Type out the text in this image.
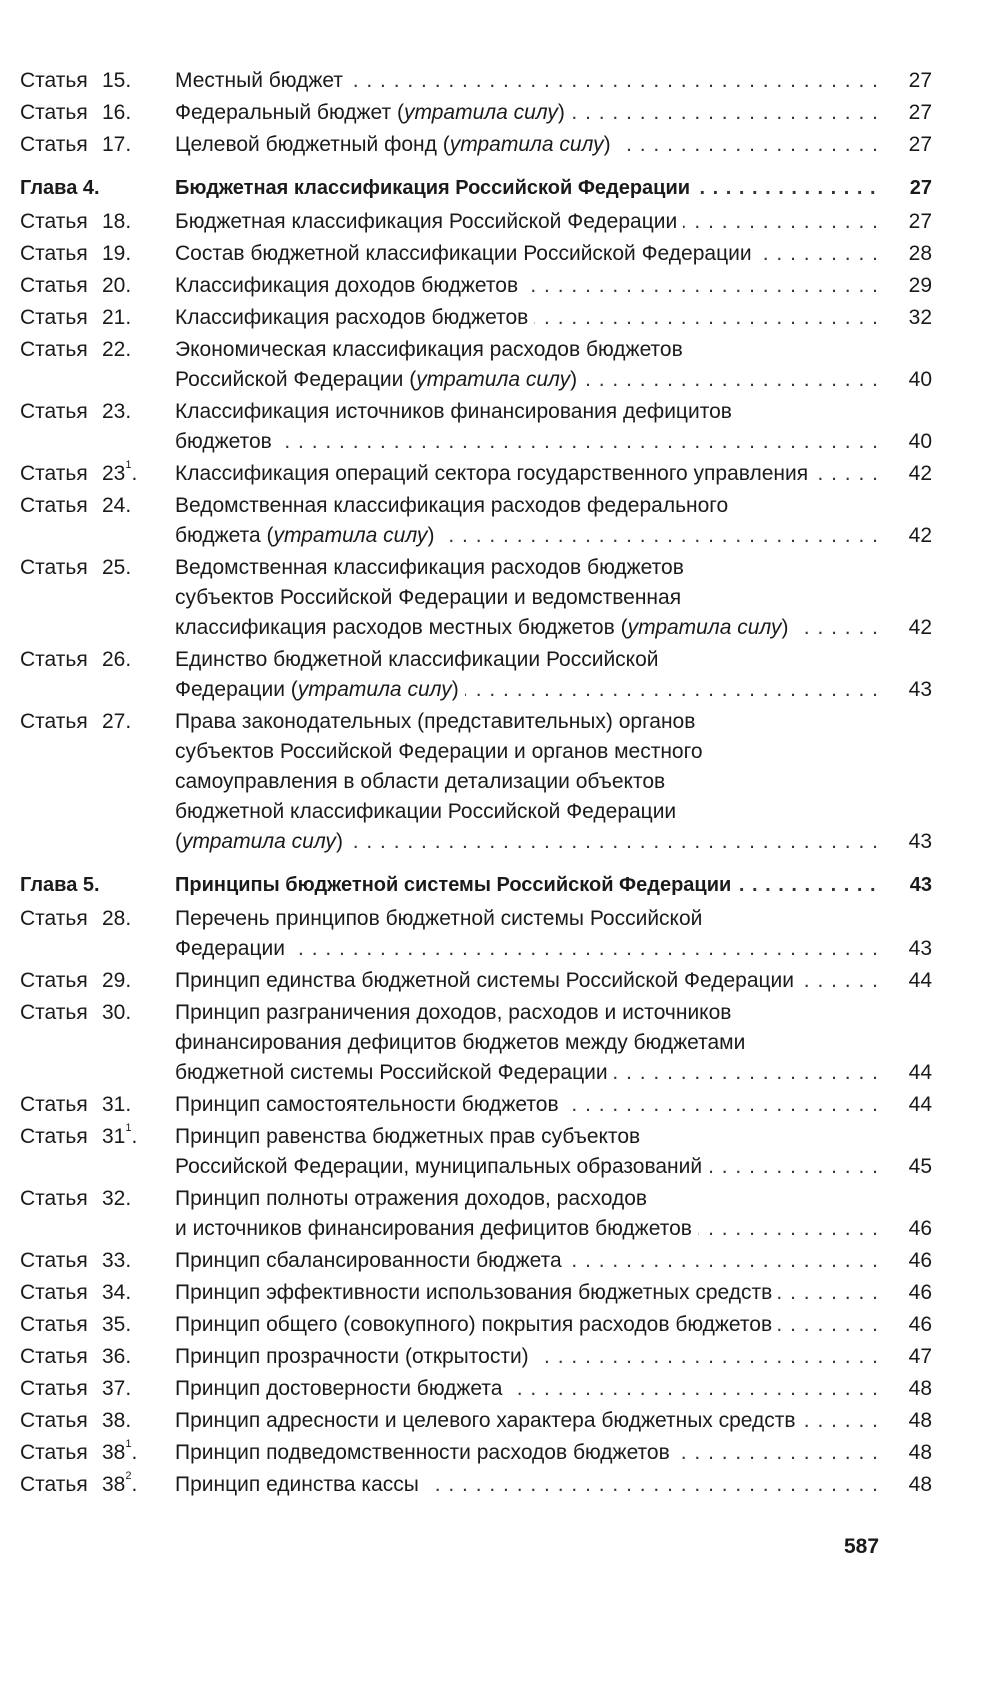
Статья 15. Местный бюджет . . .	27
Статья 16. Федеральный бюджет (утратила силу) . . .	27
Статья 17. Целевой бюджетный фонд (утратила силу) . . .	27
Глава 4.	Бюджетная классификация Российской Федерации . . .	27
Статья 18. Бюджетная классификация Российской Федерации . . .	27
Статья 19. Состав бюджетной классификации Российской Федерации . . .	28
Статья 20. Классификация доходов бюджетов . . .	29
Статья 21. Классификация расходов бюджетов . . .	32
Статья 22. Экономическая классификация расходов бюджетов
Российской Федерации (утратила силу) . . .	40
Статья 23. Классификация источников финансирования дефицитов
бюджетов . . .	40
Статья $23^1$. Классификация операций сектора государственного управления . . .	42
Статья 24. Ведомственная классификация расходов федерального
бюджета (утратила силу) . . .	42
Статья 25. Ведомственная классификация расходов бюджетов
субъектов Российской Федерации и ведомственная
классификация расходов местных бюджетов (утратила силу) . . .	42
Статья 26. Единство бюджетной классификации Российской
Федерации (утратила силу) . . .	43
Статья 27. Права законодательных (представительных) органов
субъектов Российской Федерации и органов местного
самоуправления в области детализации объектов
бюджетной классификации Российской Федерации
(утратила силу) . . .	43
Глава 5.	Принципы бюджетной системы Российской Федерации . . .	43
Статья 28. Перечень принципов бюджетной системы Российской
Федерации . . .	43
Статья 29. Принцип единства бюджетной системы Российской Федерации . . .	44
Статья 30. Принцип разграничения доходов, расходов и источников
финансирования дефицитов бюджетов между бюджетами
бюджетной системы Российской Федерации . . .	44
Статья 31. Принцип самостоятельности бюджетов . . .	44
Статья $31^1$. Принцип равенства бюджетных прав субъектов
Российской Федерации, муниципальных образований . . .	45
Статья 32. Принцип полноты отражения доходов, расходов
и источников финансирования дефицитов бюджетов . . .	46
Статья 33. Принцип сбалансированности бюджета . . .	46
Статья 34. Принцип эффективности использования бюджетных средств . . .	46
Статья 35. Принцип общего (совокупного) покрытия расходов бюджетов . . .	46
Статья 36. Принцип прозрачности (открытости) . . .	47
Статья 37. Принцип достоверности бюджета . . .	48
Статья 38. Принцип адресности и целевого характера бюджетных средств . . .	48
Статья $38^1$. Принцип подведомственности расходов бюджетов . . .	48
Статья $38^2$. Принцип единства кассы . . .	48
587
